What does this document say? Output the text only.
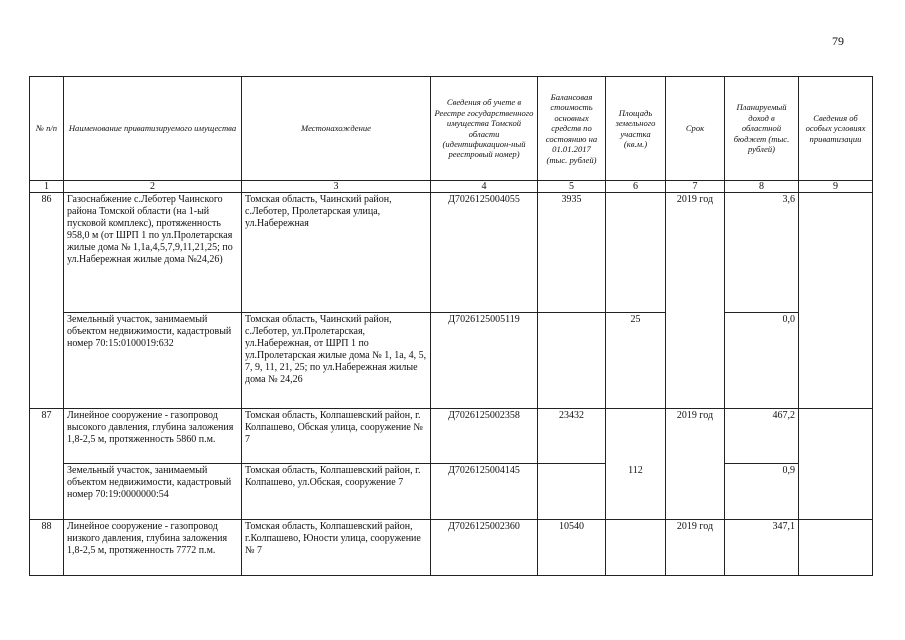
79
№ п/п	Наименование приватизируемого имущества	Местонахождение	Сведения об учете в Реестре государственного имущества Томской области (идентификацион-ный реестровый номер)	Балансовая стоимость основных средств по состоянию на 01.01.2017 (тыс. рублей)	Площадь земельного участка (кв.м.)	Срок	Планируемый доход в областной бюджет (тыс. рублей)	Сведения об особых условиях приватизации
1	2	3	4	5	6	7	8	9
86	Газоснабжение с.Леботер Чаинского района Томской области (на 1-ый пусковой комплекс), протяженность 958,0 м (от ШРП 1 по ул.Пролетарская жилые дома № 1,1а,4,5,7,9,11,21,25; по ул.Набережная жилые дома №24,26)	Томская область, Чаинский район, с.Леботер, Пролетарская улица, ул.Набережная	Д7026125004055	3935		2019 год	3,6	
	Земельный участок, занимаемый объектом недвижимости, кадастровый номер 70:15:0100019:632	Томская область, Чаинский район, с.Леботер, ул.Пролетарская, ул.Набережная, от ШРП 1 по ул.Пролетарская жилые дома № 1, 1а, 4, 5, 7, 9, 11, 21, 25; по ул.Набережная жилые дома № 24,26	Д7026125005119		25		0,0	
87	Линейное сооружение - газопровод высокого давления, глубина заложения 1,8-2,5 м, протяженность 5860 п.м.	Томская область, Колпашевский район, г. Колпашево, Обская улица, сооружение № 7	Д7026125002358	23432		2019 год	467,2	
	Земельный участок, занимаемый объектом недвижимости, кадастровый номер 70:19:0000000:54	Томская область, Колпашевский район, г. Колпашево, ул.Обская, сооружение 7	Д7026125004145		112		0,9	
88	Линейное сооружение - газопровод низкого давления, глубина заложения 1,8-2,5 м, протяженность 7772 п.м.	Томская область, Колпашевский район, г.Колпашево, Юности улица, сооружение № 7	Д7026125002360	10540		2019 год	347,1	
